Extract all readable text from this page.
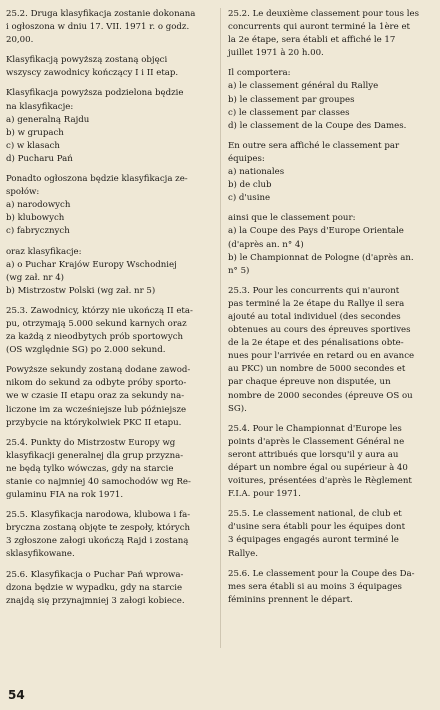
25.2. Druga klasyfikacja zostanie dokonana
i ogłoszona w dniu 17. VII. 1971 r. o godz.
20,00.

Klasyfikacją powyższą zostaną objęci
wszyscy zawodnicy kończący I i II etap.

Klasyfikacja powyższa podzielona będzie
na klasyfikacje:
a) generalną Rajdu
b) w grupach
c) w klasach
d) Pucharu Pań

Ponadto ogłoszona będzie klasyfikacja ze-
społów:
a) narodowych
b) klubowych
c) fabrycznych

oraz klasyfikacje:
a) o Puchar Krajów Europy Wschodniej
(wg zał. nr 4)
b) Mistrzostw Polski (wg zał. nr 5)

25.3. Zawodnicy, którzy nie ukończą II eta-
pu, otrzymają 5.000 sekund karnych oraz
za każdą z nieodbytych prób sportowych
(OS względnie SG) po 2.000 sekund.

Powyższe sekundy zostaną dodane zawod-
nikom do sekund za odbyte próby sporto-
we w czasie II etapu oraz za sekundy na-
liczone im za wcześniejsze lub późniejsze
przybycie na którykolwiek PKC II etapu.

25.4. Punkty do Mistrzostw Europy wg
klasyfikacji generalnej dla grup przyzna-
ne będą tylko wówczas, gdy na starcie
stanie co najmniej 40 samochodów wg Re-
gulaminu FIA na rok 1971.

25.5. Klasyfikacja narodowa, klubowa i fa-
bryczna zostaną objęte te zespoły, których
3 zgłoszone załogi ukończą Rajd i zostaną
sklasyfikowane.

25.6. Klasyfikacja o Puchar Pań wprowa-
dzona będzie w wypadku, gdy na starcie
znajdą się przynajmniej 3 załogi kobiece.

25.2. Le deuxième classement pour tous les
concurrents qui auront terminé la 1ère et
la 2e étape, sera établi et affiché le 17
juillet 1971 à 20 h.00.

Il comportera:
a) le classement général du Rallye
b) le classement par groupes
c) le classement par classes
d) le classement de la Coupe des Dames.

En outre sera affiché le classement par
équipes:
a) nationales
b) de club
c) d'usine

ainsi que le classement pour:
a) la Coupe des Pays d'Europe Orientale
(d'après an. n° 4)
b) le Championnat de Pologne (d'après an.
n° 5)

25.3. Pour les concurrents qui n'auront
pas terminé la 2e étape du Rallye il sera
ajouté au total individuel (des secondes
obtenues au cours des épreuves sportives
de la 2e étape et des pénalisations obte-
nues pour l'arrivée en retard ou en avance
au PKC) un nombre de 5000 secondes et
par chaque épreuve non disputée, un
nombre de 2000 secondes (épreuve OS ou
SG).

25.4. Pour le Championnat d'Europe les
points d'après le Classement Général ne
seront attribués que lorsqu'il y aura au
départ un nombre égal ou supérieur à 40
voitures, présentées d'après le Règlement
F.I.A. pour 1971.

25.5. Le classement national, de club et
d'usine sera établi pour les équipes dont
3 équipages engagés auront terminé le
Rallye.

25.6. Le classement pour la Coupe des Da-
mes sera établi si au moins 3 équipages
féminins prennent le départ.

54
